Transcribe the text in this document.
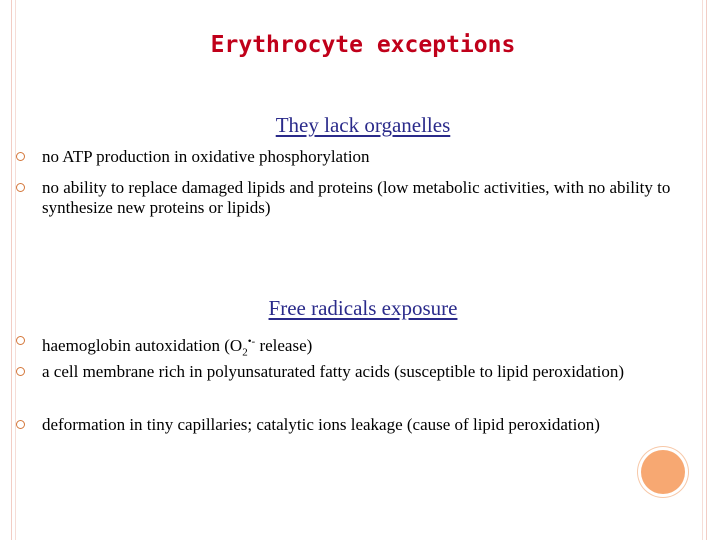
Erythrocyte exceptions
They lack organelles
no ATP production in oxidative phosphorylation
no ability to replace damaged lipids and proteins (low metabolic activities, with no ability to synthesize new proteins or lipids)
Free radicals exposure
haemoglobin autoxidation ($O_2^{•-}$ release)
a cell membrane rich in polyunsaturated fatty acids (susceptible to lipid peroxidation)
deformation in tiny capillaries; catalytic ions leakage (cause of lipid peroxidation)
